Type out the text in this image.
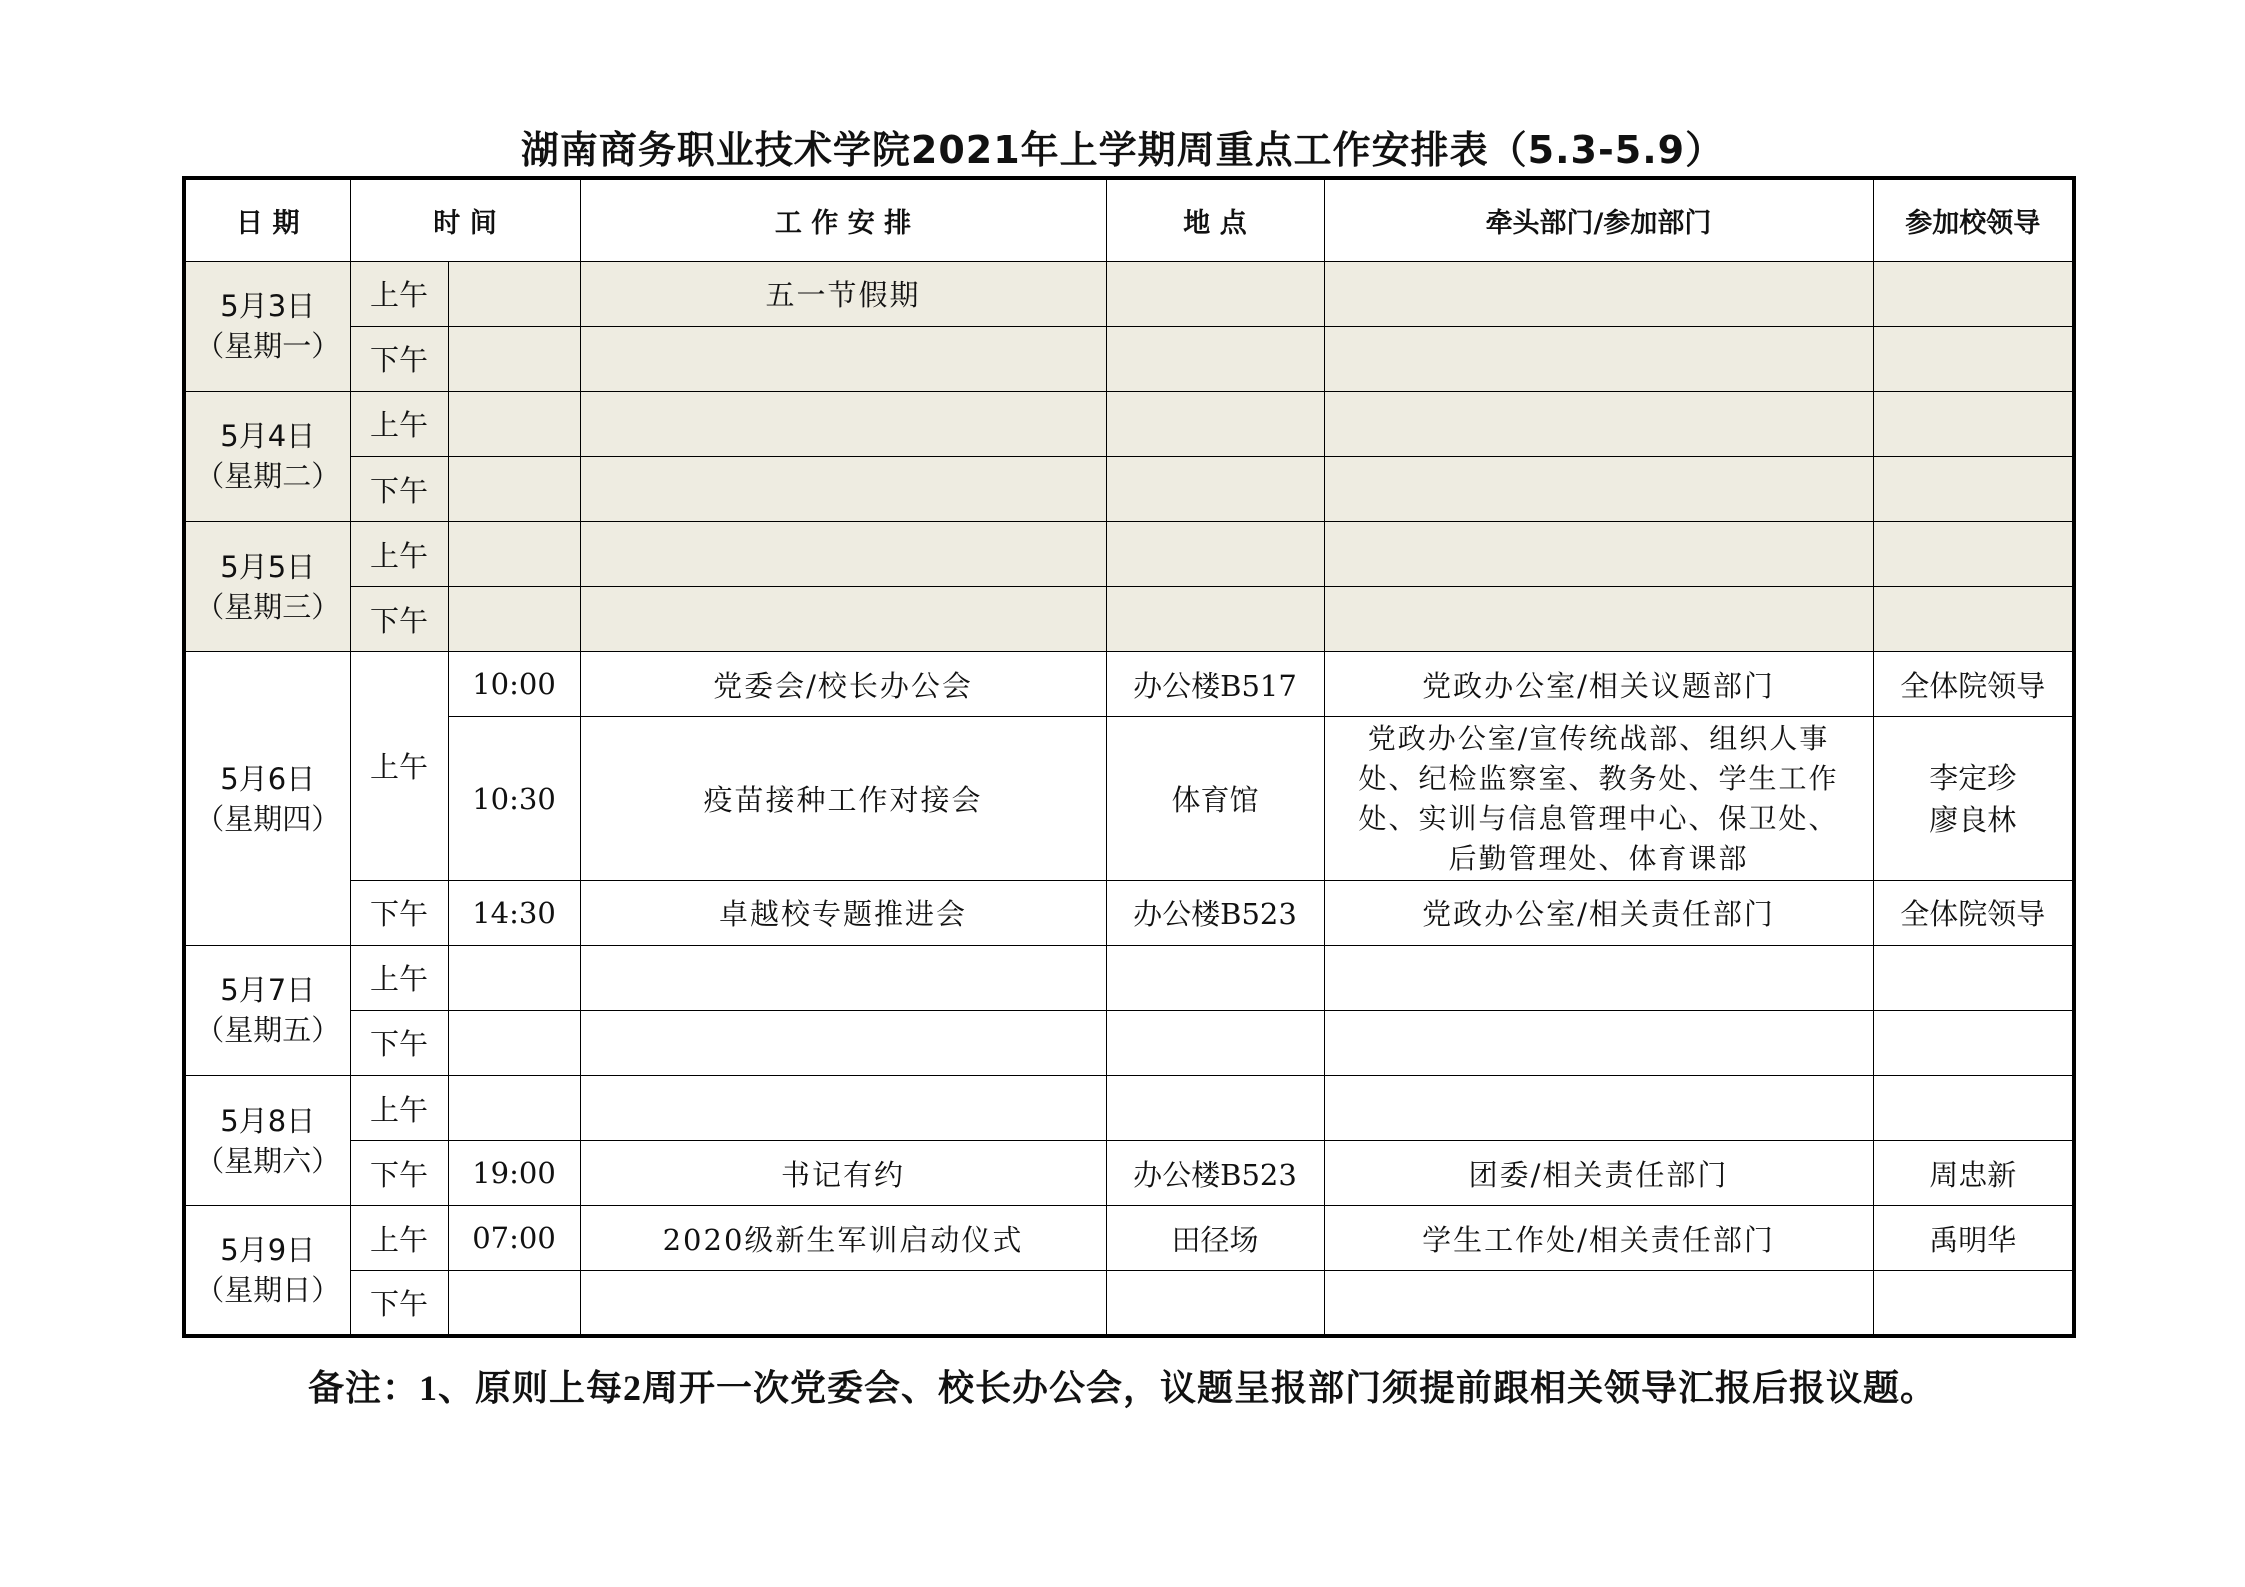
湖南商务职业技术学院2021年上学期周重点工作安排表（5.3-5.9）
日 期	时 间		工 作 安 排	地 点	牵头部门/参加部门	参加校领导

5月3日
（星期一）	上午		五一节假期			
	下午					

5月4日
（星期二）	上午					
	下午					

5月5日
（星期三）	上午					
	下午					

5月6日
（星期四）	上午	10:00	党委会/校长办公会	办公楼B517	党政办公室/相关议题部门	全体院领导
		10:30	疫苗接种工作对接会	体育馆	党政办公室/宣传统战部、组织人事
处、纪检监察室、教务处、学生工作
处、实训与信息管理中心、保卫处、
后勤管理处、体育课部	李定珍
廖良林

	下午	14:30	卓越校专题推进会	办公楼B523	党政办公室/相关责任部门	全体院领导

5月7日
（星期五）	上午					
	下午					

5月8日
（星期六）	上午					
	下午	19:00	书记有约	办公楼B523	团委/相关责任部门	周忠新

5月9日
（星期日）	上午	07:00	2020级新生军训启动仪式	田径场	学生工作处/相关责任部门	禹明华
	下午					
备注：1、原则上每2周开一次党委会、校长办公会，议题呈报部门须提前跟相关领导汇报后报议题。
